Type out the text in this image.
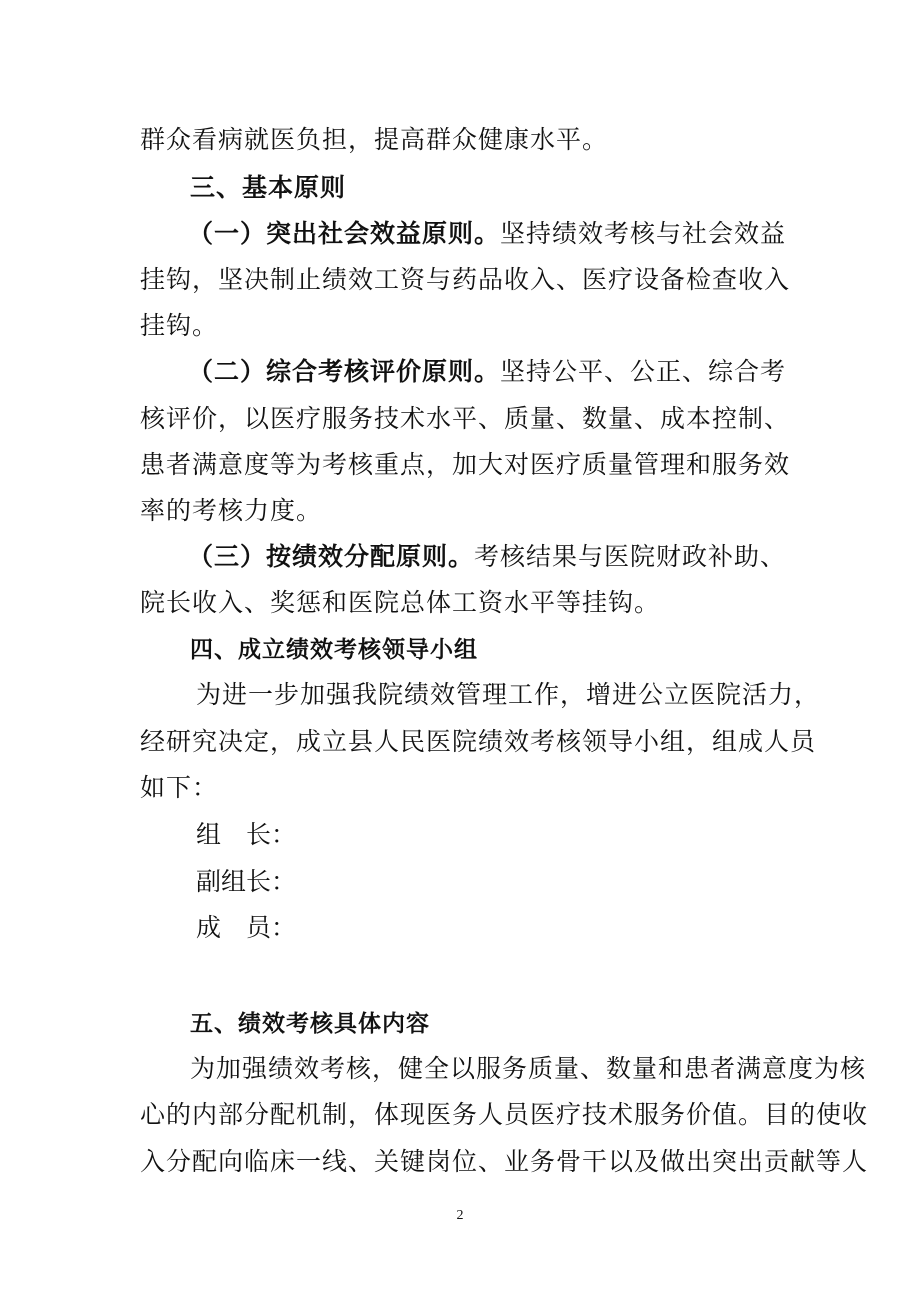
群众看病就医负担，提高群众健康水平。
三、基本原则
（一）突出社会效益原则。坚持绩效考核与社会效益
挂钩，坚决制止绩效工资与药品收入、医疗设备检查收入
挂钩。
（二）综合考核评价原则。坚持公平、公正、综合考
核评价，以医疗服务技术水平、质量、数量、成本控制、
患者满意度等为考核重点，加大对医疗质量管理和服务效
率的考核力度。
（三）按绩效分配原则。考核结果与医院财政补助、
院长收入、奖惩和医院总体工资水平等挂钩。
四、成立绩效考核领导小组
为进一步加强我院绩效管理工作，增进公立医院活力，
经研究决定，成立县人民医院绩效考核领导小组，组成人员
如下：
组　长：
副组长：
成　员：
五、绩效考核具体内容
为加强绩效考核，健全以服务质量、数量和患者满意度为核
心的内部分配机制，体现医务人员医疗技术服务价值。目的使收
入分配向临床一线、关键岗位、业务骨干以及做出突出贡献等人
2
